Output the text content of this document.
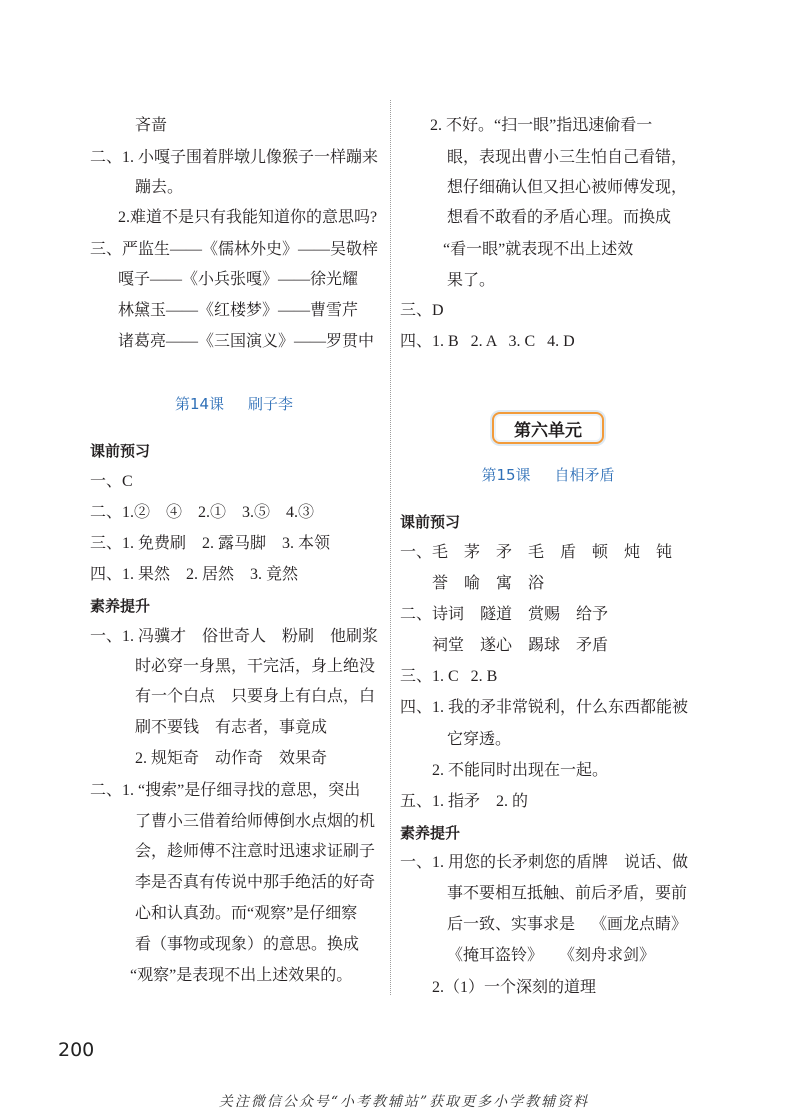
吝啬
二、1. 小嘎子围着胖墩儿像猴子一样蹦来
蹦去。
2.难道不是只有我能知道你的意思吗?
三、严监生——《儒林外史》——吴敬梓
嘎子——《小兵张嘎》——徐光耀
林黛玉——《红楼梦》——曹雪芹
诸葛亮——《三国演义》——罗贯中
第14课 刷子李
课前预习
一、C
二、1.②    ④    2.①    3.⑤    4.③
三、1. 免费刷    2. 露马脚    3. 本领
四、1. 果然    2. 居然    3. 竟然
素养提升
一、1. 冯骥才    俗世奇人    粉刷    他刷浆
时必穿一身黑，干完活，身上绝没
有一个白点    只要身上有白点，白
刷不要钱    有志者，事竟成
2. 规矩奇    动作奇    效果奇
二、1. “搜索”是仔细寻找的意思，突出
了曹小三借着给师傅倒水点烟的机
会，趁师傅不注意时迅速求证刷子
李是否真有传说中那手绝活的好奇
心和认真劲。而“观察”是仔细察
看（事物或现象）的意思。换成
“观察”是表现不出上述效果的。
2. 不好。“扫一眼”指迅速偷看一
眼，表现出曹小三生怕自己看错，
想仔细确认但又担心被师傅发现，
想看不敢看的矛盾心理。而换成
“看一眼”就表现不出上述效
果了。
三、D
四、1. B   2. A   3. C   4. D
第六单元
第15课 自相矛盾
课前预习
一、毛    茅    矛    毛    盾    顿    炖    钝
誉    喻    寓    浴
二、诗词    隧道    赏赐    给予
祠堂    遂心    踢球    矛盾
三、1. C   2. B
四、1. 我的矛非常锐利，什么东西都能被
它穿透。
2. 不能同时出现在一起。
五、1. 指矛    2. 的
素养提升
一、1. 用您的长矛刺您的盾牌    说话、做
事不要相互抵触、前后矛盾，要前
后一致、实事求是    《画龙点睛》
《掩耳盗铃》    《刻舟求剑》
2.（1）一个深刻的道理
200
关注微信公众号“小考教辅站”获取更多小学教辅资料
